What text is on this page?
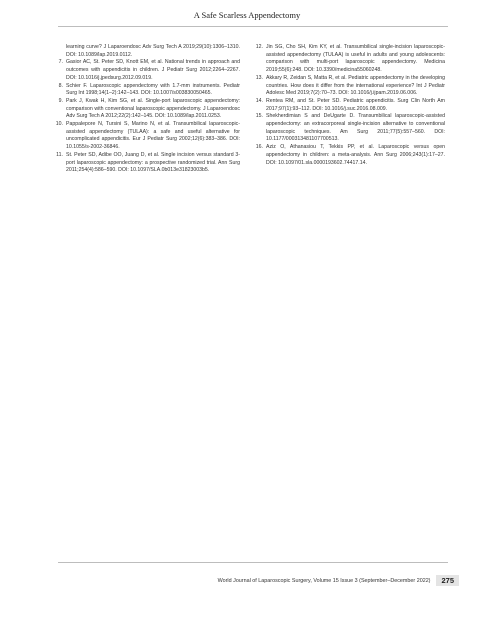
A Safe Scarless Appendectomy
learning curve? J Laparoendosc Adv Surg Tech A 2019;29(10):1306–1310. DOI: 10.1089/lap.2019.0112.
7. Gasior AC, St. Peter SD, Knott EM, et al. National trends in approach and outcomes with appendicitis in children. J Pediatr Surg 2012;2264–2267. DOI: 10.1016/j.jpedsurg.2012.09.019.
8. Schier F. Laparoscopic appendectomy with 1.7-mm instruments. Pediatr Surg Int 1998;14(1–2):142–143. DOI: 10.1007/s003830050465.
9. Park J, Kwak H, Kim SG, et al. Single-port laparoscopic appendectomy: comparison with conventional laparoscopic appendectomy. J Laparoendosc Adv Surg Tech A 2012;22(2):142–145. DOI: 10.1089/lap.2011.0253.
10. Pappalepore N, Tursini S, Marino N, et al. Transumbilical laparoscopic-assisted appendectomy (TULAA): a safe and useful alternative for uncomplicated appendicitis. Eur J Pediatr Surg 2002;12(6):383–386. DOI: 10.1055/s-2002-36846.
11. St. Peter SD, Adibe OO, Juang D, et al. Single incision versus standard 3-port laparoscopic appendectomy: a prospective randomized trial. Ann Surg 2011;254(4):586–590. DOI: 10.1097/SLA.0b013e31823003b5.
12. Jin SG, Cho SH, Kim KY, et al. Transumbilical single-incision laparoscopic-assisted appendectomy (TULAA) is useful in adults and young adolescents: comparison with multi-port laparoscopic appendectomy. Medicina 2019;55(6):248. DOI: 10.3390/medicina55060248.
13. Akkary R, Zeidan S, Matta R, et al. Pediatric appendectomy in the developing countries. How does it differ from the international experience? Int J Pediatr Adolesc Med 2019;7(2):70–73. DOI: 10.1016/j.ijpam.2019.06.006.
14. Rentea RM, and St. Peter SD. Pediatric appendicitis. Surg Clin North Am 2017;97(1):93–112. DOI: 10.1016/j.suc.2016.08.009.
15. Shekherdimian S and DeUgarte D. Transumbilical laparoscopic-assisted appendectomy: an extracorporeal single-incision alternative to conventional laparoscopic techniques. Am Surg 2011;77(5):557–560. DOI: 10.1177/000313481107700513.
16. Aziz O, Athanasiou T, Tekkis PP, et al. Laparoscopic versus open appendectomy in children: a meta-analysis. Ann Surg 2006;243(1):17–27. DOI: 10.1097/01.sla.0000193602.74417.14.
World Journal of Laparoscopic Surgery, Volume 15 Issue 3 (September–December 2022)	275
